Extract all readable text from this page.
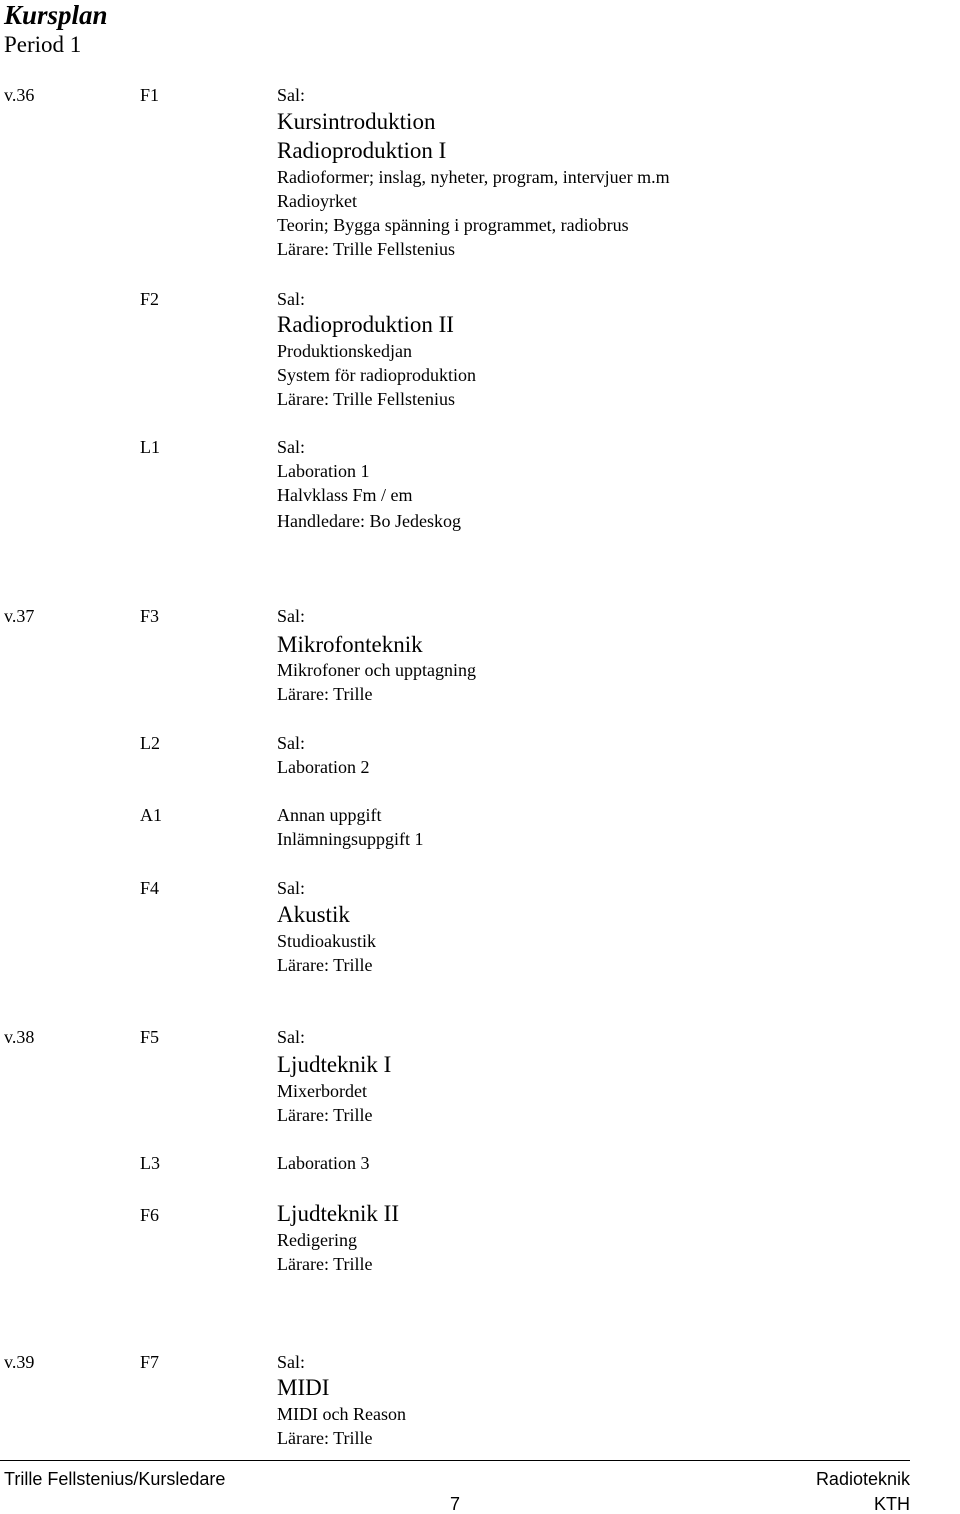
Kursplan
Period 1
v.36	F1	Sal:
Kursintroduktion
Radioproduktion I
Radioformer; inslag, nyheter, program, intervjuer m.m
Radioyrket
Teorin; Bygga spänning i programmet, radiobrus
Lärare: Trille Fellstenius
F2	Sal:
Radioproduktion II
Produktionskedjan
System för radioproduktion
Lärare: Trille Fellstenius
L1	Sal:
Laboration 1
Halvklass Fm / em
Handledare: Bo Jedeskog
v.37	F3	Sal:
Mikrofonteknik
Mikrofoner och upptagning
Lärare: Trille
L2	Sal:
Laboration 2
A1	Annan uppgift
Inlämningsuppgift 1
F4	Sal:
Akustik
Studioakustik
Lärare: Trille
v.38	F5	Sal:
Ljudteknik I
Mixerbordet
Lärare: Trille
L3	Laboration 3
F6	Ljudteknik II
Redigering
Lärare: Trille
v.39	F7	Sal:
MIDI
MIDI och Reason
Lärare: Trille
Trille Fellstenius/Kursledare
7
Radioteknik
KTH
